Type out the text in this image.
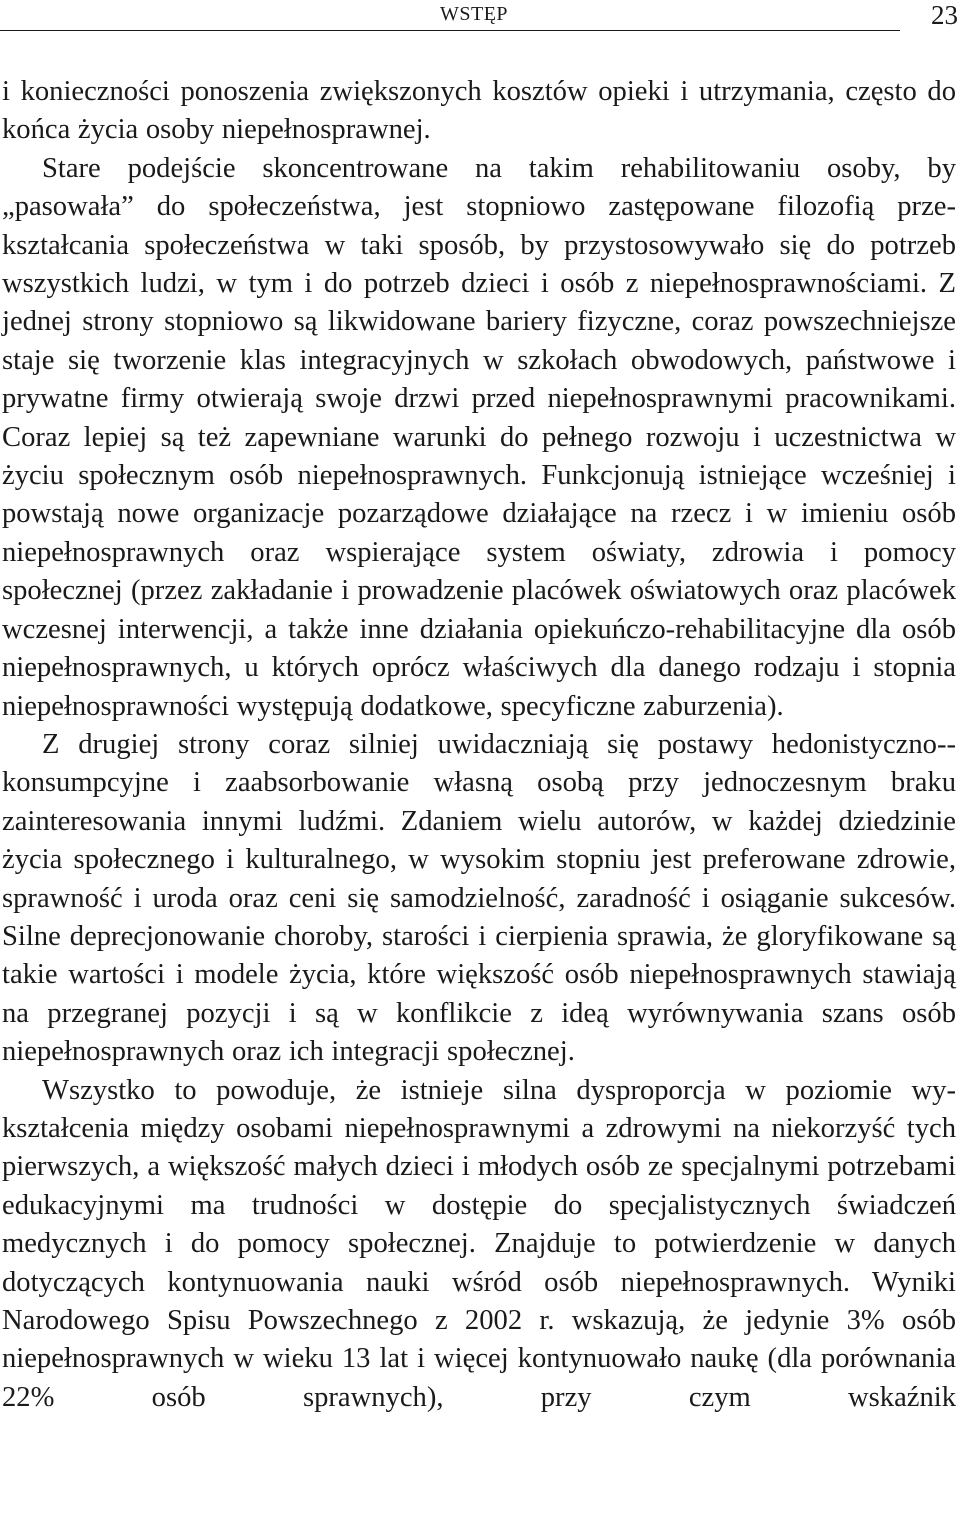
WSTĘP	23

i konieczności ponoszenia zwiększonych kosztów opieki i utrzymania, często do końca życia osoby niepełnosprawnej.

Stare podejście skoncentrowane na takim rehabilitowaniu osoby, by „pasowała” do społeczeństwa, jest stopniowo zastępowane filozofią przekształcania społeczeństwa w taki sposób, by przystosowywało się do potrzeb wszystkich ludzi, w tym i do potrzeb dzieci i osób z niepełnosprawnościami. Z jednej strony stopniowo są likwidowane bariery fizyczne, coraz powszechniejsze staje się tworzenie klas integracyjnych w szkołach obwodowych, państwowe i prywatne firmy otwierają swoje drzwi przed niepełnosprawnymi pracownikami. Coraz lepiej są też zapewniane warunki do pełnego rozwoju i uczestnictwa w życiu społecznym osób niepełnosprawnych. Funkcjonują istniejące wcześniej i powstają nowe organizacje pozarządowe działające na rzecz i w imieniu osób niepełnosprawnych oraz wspierające system oświaty, zdrowia i pomocy społecznej (przez zakładanie i prowadzenie placówek oświatowych oraz placówek wczesnej interwencji, a także inne działania opiekuńczo-rehabilitacyjne dla osób niepełnosprawnych, u których oprócz właściwych dla danego rodzaju i stopnia niepełnosprawności występują dodatkowe, specyficzne zaburzenia).

Z drugiej strony coraz silniej uwidaczniają się postawy hedonistyczno--konsumpcyjne i zaabsorbowanie własną osobą przy jednoczesnym braku zainteresowania innymi ludźmi. Zdaniem wielu autorów, w każdej dziedzinie życia społecznego i kulturalnego, w wysokim stopniu jest preferowane zdrowie, sprawność i uroda oraz ceni się samodzielność, zaradność i osiąganie sukcesów. Silne deprecjonowanie choroby, starości i cierpienia sprawia, że gloryfikowane są takie wartości i modele życia, które większość osób niepełnosprawnych stawiają na przegranej pozycji i są w konflikcie z ideą wyrównywania szans osób niepełnosprawnych oraz ich integracji społecznej.

Wszystko to powoduje, że istnieje silna dysproporcja w poziomie wykształcenia między osobami niepełnosprawnymi a zdrowymi na niekorzyść tych pierwszych, a większość małych dzieci i młodych osób ze specjalnymi potrzebami edukacyjnymi ma trudności w dostępie do specjalistycznych świadczeń medycznych i do pomocy społecznej. Znajduje to potwierdzenie w danych dotyczących kontynuowania nauki wśród osób niepełnosprawnych. Wyniki Narodowego Spisu Powszechnego z 2002 r. wskazują, że jedynie 3% osób niepełnosprawnych w wieku 13 lat i więcej kontynuowało naukę (dla porównania 22% osób sprawnych), przy czym wskaźnik
